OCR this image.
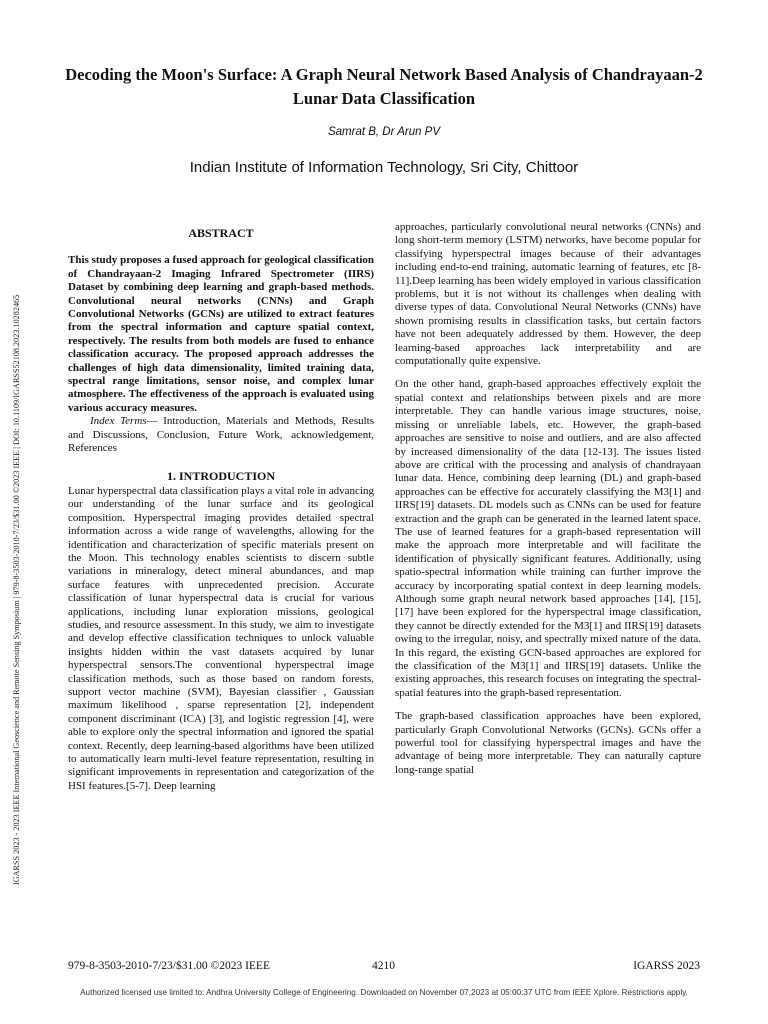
IGARSS 2023 - 2023 IEEE International Geoscience and Remote Sensing Symposium | 979-8-3503-2010-7/23/$31.00 ©2023 IEEE | DOI: 10.1109/IGARSS52108.2023.10282465
Decoding the Moon's Surface: A Graph Neural Network Based Analysis of Chandrayaan-2 Lunar Data Classification
Samrat B, Dr Arun PV
Indian Institute of Information Technology, Sri City, Chittoor
ABSTRACT

This study proposes a fused approach for geological classification of Chandrayaan-2 Imaging Infrared Spectrometer (IIRS) Dataset by combining deep learning and graph-based methods. Convolutional neural networks (CNNs) and Graph Convolutional Networks (GCNs) are utilized to extract features from the spectral information and capture spatial context, respectively. The results from both models are fused to enhance classification accuracy. The proposed approach addresses the challenges of high data dimensionality, limited training data, spectral range limitations, sensor noise, and complex lunar atmosphere. The effectiveness of the approach is evaluated using various accuracy measures.

Index Terms— Introduction, Materials and Methods, Results and Discussions, Conclusion, Future Work, acknowledgement, References

1. INTRODUCTION

Lunar hyperspectral data classification plays a vital role in advancing our understanding of the lunar surface and its geological composition. Hyperspectral imaging provides detailed spectral information across a wide range of wavelengths, allowing for the identification and characterization of specific materials present on the Moon. This technology enables scientists to discern subtle variations in mineralogy, detect mineral abundances, and map surface features with unprecedented precision. Accurate classification of lunar hyperspectral data is crucial for various applications, including lunar exploration missions, geological studies, and resource assessment. In this study, we aim to investigate and develop effective classification techniques to unlock valuable insights hidden within the vast datasets acquired by lunar hyperspectral sensors.The conventional hyperspectral image classification methods, such as those based on random forests, support vector machine (SVM), Bayesian classifier , Gaussian maximum likelihood , sparse representation [2], independent component discriminant (ICA) [3], and logistic regression [4], were able to explore only the spectral information and ignored the spatial context. Recently, deep learning-based algorithms have been utilized to automatically learn multi-level feature representation, resulting in significant improvements in representation and categorization of the HSI features.[5-7]. Deep learning

approaches, particularly convolutional neural networks (CNNs) and long short-term memory (LSTM) networks, have become popular for classifying hyperspectral images because of their advantages including end-to-end training, automatic learning of features, etc [8-11].Deep learning has been widely employed in various classification problems, but it is not without its challenges when dealing with diverse types of data. Convolutional Neural Networks (CNNs) have shown promising results in classification tasks, but certain factors have not been adequately addressed by them. However, the deep learning-based approaches lack interpretability and are computationally quite expensive.

On the other hand, graph-based approaches effectively exploit the spatial context and relationships between pixels and are more interpretable. They can handle various image structures, noise, missing or unreliable labels, etc. However, the graph-based approaches are sensitive to noise and outliers, and are also affected by increased dimensionality of the data [12-13]. The issues listed above are critical with the processing and analysis of chandrayaan lunar data. Hence, combining deep learning (DL) and graph-based approaches can be effective for accurately classifying the M3[1] and IIRS[19] datasets. DL models such as CNNs can be used for feature extraction and the graph can be generated in the learned latent space. The use of learned features for a graph-based representation will make the approach more interpretable and will facilitate the identification of physically significant features. Additionally, using spatio-spectral information while training can further improve the accuracy by incorporating spatial context in deep learning models. Although some graph neural network based approaches [14], [15], [17] have been explored for the hyperspectral image classification, they cannot be directly extended for the M3[1] and IIRS[19] datasets owing to the irregular, noisy, and spectrally mixed nature of the data. In this regard, the existing GCN-based approaches are explored for the classification of the M3[1] and IIRS[19] datasets. Unlike the existing approaches, this research focuses on integrating the spectral-spatial features into the graph-based representation.

The graph-based classification approaches have been explored, particularly Graph Convolutional Networks (GCNs). GCNs offer a powerful tool for classifying hyperspectral images and have the advantage of being more interpretable. They can naturally capture long-range spatial

979-8-3503-2010-7/23/$31.00 ©2023 IEEE	4210	IGARSS 2023
Authorized licensed use limited to: Andhra University College of Engineering. Downloaded on November 07,2023 at 05:00:37 UTC from IEEE Xplore. Restrictions apply.
